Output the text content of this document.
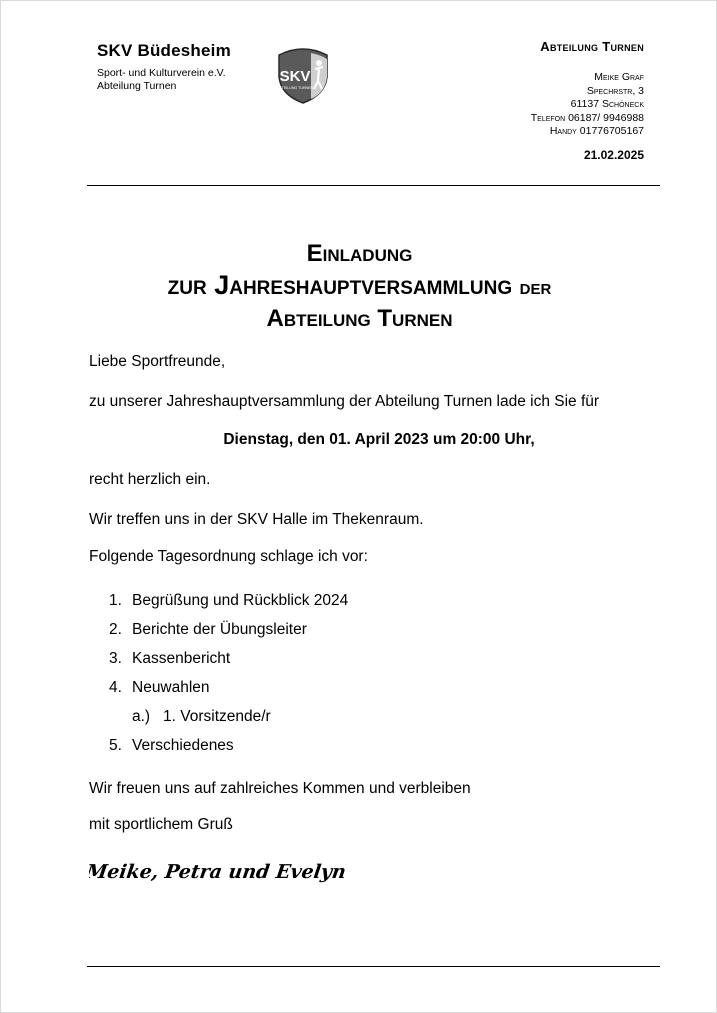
SKV Büdesheim
Sport- und Kulturverein e.V.
Abteilung Turnen
SKV
ABTEILUNG TURNEN
Abteilung Turnen
Meike Graf
Spechrstr, 3
61137 Schöneck
Telefon 06187/ 9946988
Handy 01776705167
21.02.2025
Einladung
zur Jahreshauptversammlung der
Abteilung Turnen

Liebe Sportfreunde,

zu unserer Jahreshauptversammlung der Abteilung Turnen lade ich Sie für

Dienstag, den 01. April 2023 um 20:00 Uhr,

recht herzlich ein.

Wir treffen uns in der SKV Halle im Thekenraum.

Folgende Tagesordnung schlage ich vor:

1. Begrüßung und Rückblick 2024
2. Berichte der Übungsleiter
3. Kassenbericht
4. Neuwahlen
a.) 1. Vorsitzende/r
5. Verschiedenes

Wir freuen uns auf zahlreiches Kommen und verbleiben

mit sportlichem Gruß

Meike, Petra und Evelyn
